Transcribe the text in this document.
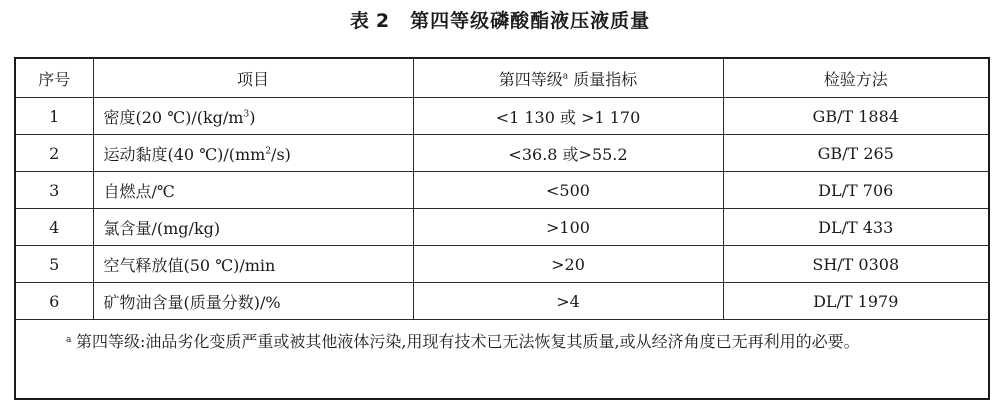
表 2 第四等级磷酸酯液压液质量
序号	项目	第四等级$^a$ 质量指标	检验方法
1	密度(20 $℃)/(kg/m^3)$	<1 130 或 >1 170	GB/T 1884
2	运动黏度(40 $℃)/(mm^2/s)$	<36.8 或>55.2	GB/T 265
3	自燃点/℃	<500	DL/T 706
4	氯含量/(mg/kg)	>100	DL/T 433
5	空气释放值(50 ℃)/min	>20	SH/T 0308
6	矿物油含量(质量分数)/%	>4	DL/T 1979

a 第四等级:油品劣化变质严重或被其他液体污染,用现有技术已无法恢复其质量,或从经济角度已无再利用的必要。			
